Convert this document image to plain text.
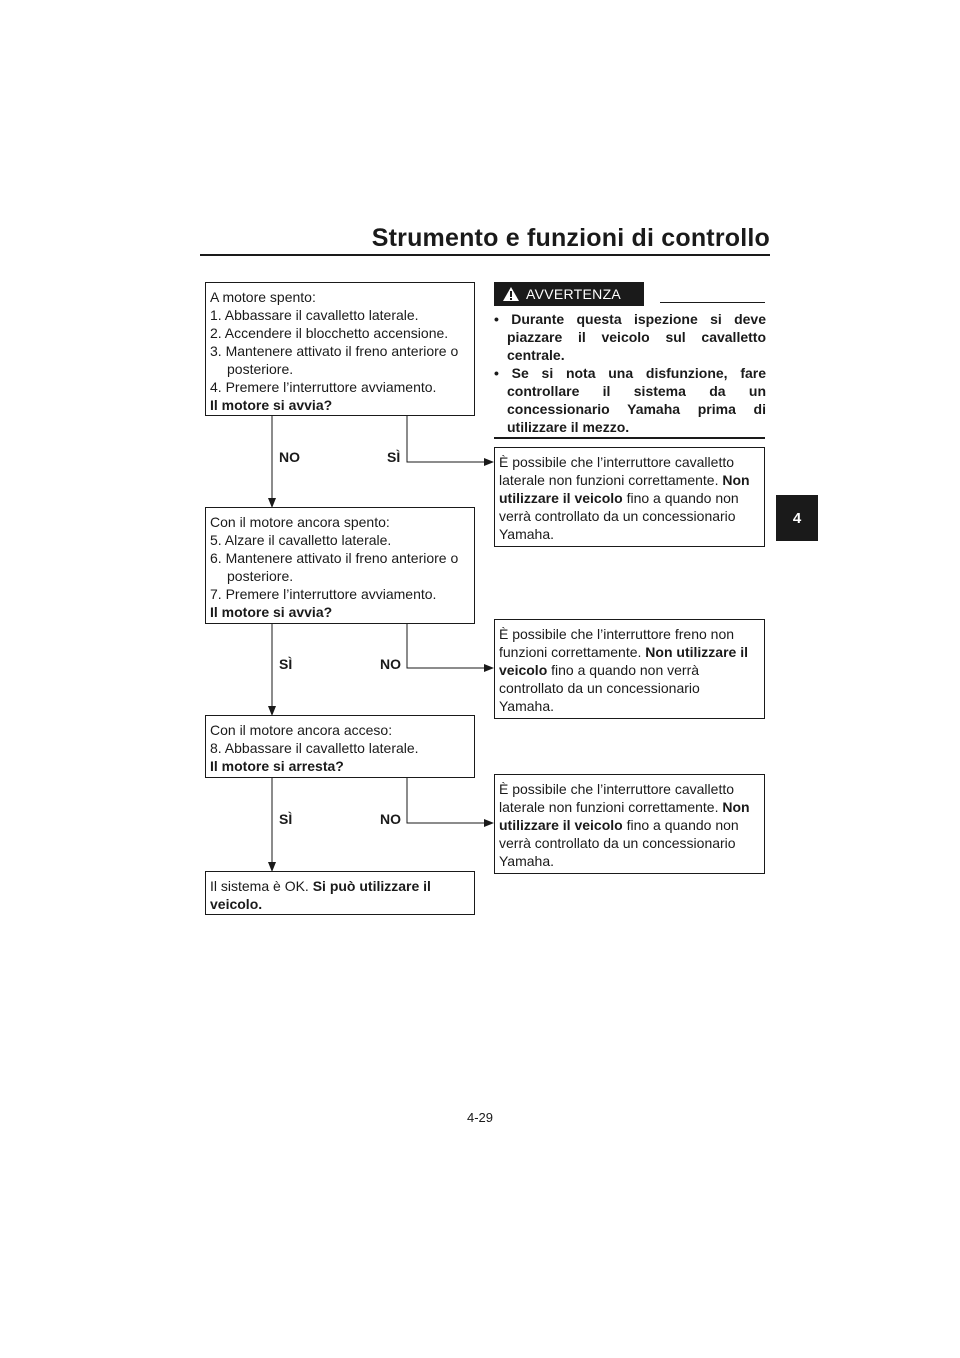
Strumento e funzioni di controllo
4
A motore spento:
1. Abbassare il cavalletto laterale.
2. Accendere il blocchetto accensione.
3. Mantenere attivato il freno anteriore o posteriore.
4. Premere l’interruttore avviamento.
Il motore si avvia?
Con il motore ancora spento:
5. Alzare il cavalletto laterale.
6. Mantenere attivato il freno anteriore o posteriore.
7. Premere l’interruttore avviamento.
Il motore si avvia?
Con il motore ancora acceso:
8. Abbassare il cavalletto laterale.
Il motore si arresta?
Il sistema è OK. Si può utilizzare il veicolo.
AVVERTENZA
• Durante questa ispezione si deve piazzare il veicolo sul cavalletto centrale.
• Se si nota una disfunzione, fare controllare il sistema da un concessionario Yamaha prima di utilizzare il mezzo.
È possibile che l’interruttore cavalletto laterale non funzioni correttamente. Non utilizzare il veicolo fino a quando non verrà controllato da un concessionario Yamaha.
È possibile che l’interruttore freno non funzioni correttamente. Non utilizzare il veicolo fino a quando non verrà controllato da un concessionario Yamaha.
È possibile che l’interruttore cavalletto laterale non funzioni correttamente. Non utilizzare il veicolo fino a quando non verrà controllato da un concessionario Yamaha.
NO	SÌ
SÌ	NO
SÌ	NO
4-29
